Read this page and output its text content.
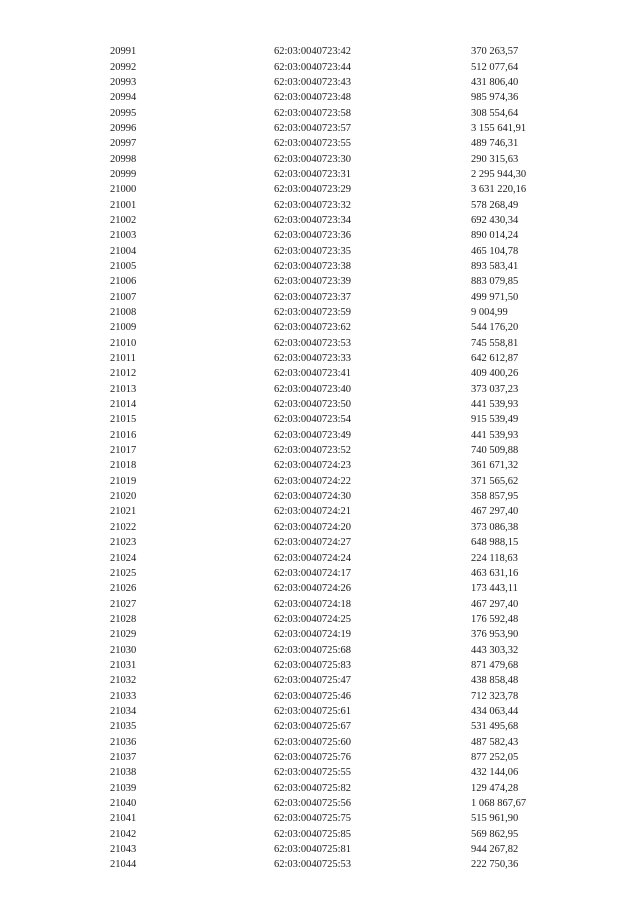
20991	62:03:0040723:42	370 263,57
20992	62:03:0040723:44	512 077,64
20993	62:03:0040723:43	431 806,40
20994	62:03:0040723:48	985 974,36
20995	62:03:0040723:58	308 554,64
20996	62:03:0040723:57	3 155 641,91
20997	62:03:0040723:55	489 746,31
20998	62:03:0040723:30	290 315,63
20999	62:03:0040723:31	2 295 944,30
21000	62:03:0040723:29	3 631 220,16
21001	62:03:0040723:32	578 268,49
21002	62:03:0040723:34	692 430,34
21003	62:03:0040723:36	890 014,24
21004	62:03:0040723:35	465 104,78
21005	62:03:0040723:38	893 583,41
21006	62:03:0040723:39	883 079,85
21007	62:03:0040723:37	499 971,50
21008	62:03:0040723:59	9 004,99
21009	62:03:0040723:62	544 176,20
21010	62:03:0040723:53	745 558,81
21011	62:03:0040723:33	642 612,87
21012	62:03:0040723:41	409 400,26
21013	62:03:0040723:40	373 037,23
21014	62:03:0040723:50	441 539,93
21015	62:03:0040723:54	915 539,49
21016	62:03:0040723:49	441 539,93
21017	62:03:0040723:52	740 509,88
21018	62:03:0040724:23	361 671,32
21019	62:03:0040724:22	371 565,62
21020	62:03:0040724:30	358 857,95
21021	62:03:0040724:21	467 297,40
21022	62:03:0040724:20	373 086,38
21023	62:03:0040724:27	648 988,15
21024	62:03:0040724:24	224 118,63
21025	62:03:0040724:17	463 631,16
21026	62:03:0040724:26	173 443,11
21027	62:03:0040724:18	467 297,40
21028	62:03:0040724:25	176 592,48
21029	62:03:0040724:19	376 953,90
21030	62:03:0040725:68	443 303,32
21031	62:03:0040725:83	871 479,68
21032	62:03:0040725:47	438 858,48
21033	62:03:0040725:46	712 323,78
21034	62:03:0040725:61	434 063,44
21035	62:03:0040725:67	531 495,68
21036	62:03:0040725:60	487 582,43
21037	62:03:0040725:76	877 252,05
21038	62:03:0040725:55	432 144,06
21039	62:03:0040725:82	129 474,28
21040	62:03:0040725:56	1 068 867,67
21041	62:03:0040725:75	515 961,90
21042	62:03:0040725:85	569 862,95
21043	62:03:0040725:81	944 267,82
21044	62:03:0040725:53	222 750,36
